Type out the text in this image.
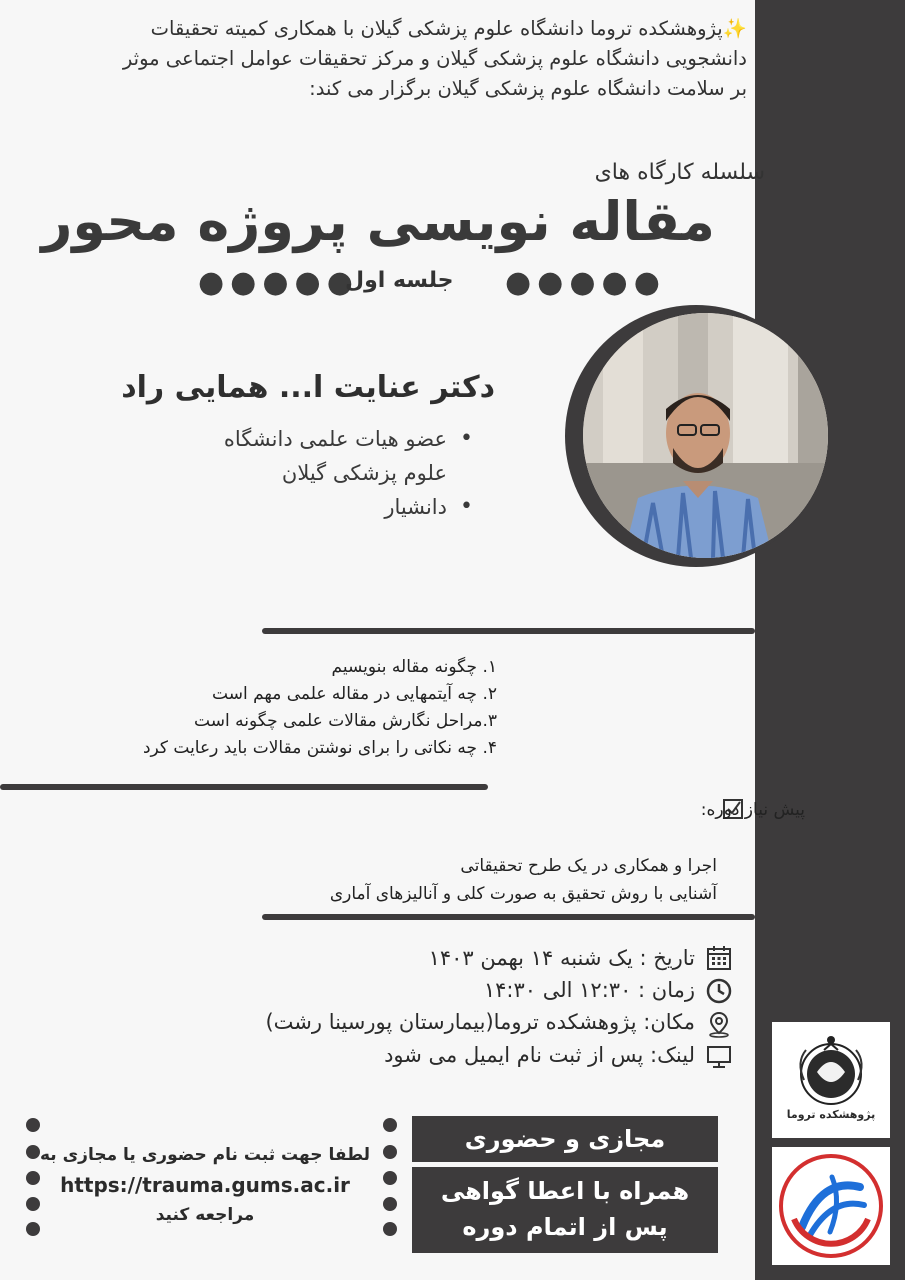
✨پژوهشکده تروما دانشگاه علوم پزشکی گیلان با همکاری کمیته تحقیقات
دانشجویی دانشگاه علوم پزشکی گیلان و مرکز تحقیقات عوامل اجتماعی موثر
بر سلامت دانشگاه علوم پزشکی گیلان برگزار می کند:
سلسله کارگاه های
مقاله نویسی پروژه محور
●●●●●
جلسه اول ●●●●●
دکتر عنایت ا... همایی راد
• عضو هیات علمی دانشگاه
علوم پزشکی گیلان
• دانشیار
۱. چگونه مقاله بنویسیم
۲. چه آیتمهایی در مقاله علمی مهم است
۳.مراحل نگارش مقالات علمی چگونه است
۴. چه نکاتی را برای نوشتن مقالات باید رعایت کرد
پیش نیاز دوره:
اجرا و همکاری در یک طرح تحقیقاتی
آشنایی با روش تحقیق به صورت کلی و آنالیزهای آماری
تاریخ : یک شنبه ۱۴ بهمن ۱۴۰۳
زمان : ۱۲:۳۰ الی ۱۴:۳۰
مکان: پژوهشکده تروما(بیمارستان پورسینا رشت)
لینک: پس از ثبت نام ایمیل می شود
مجازی و حضوری
همراه با اعطا گواهی
پس از اتمام دوره
لطفا جهت ثبت نام حضوری یا مجازی به
https://trauma.gums.ac.ir
مراجعه کنید
پژوهشکده تروما
